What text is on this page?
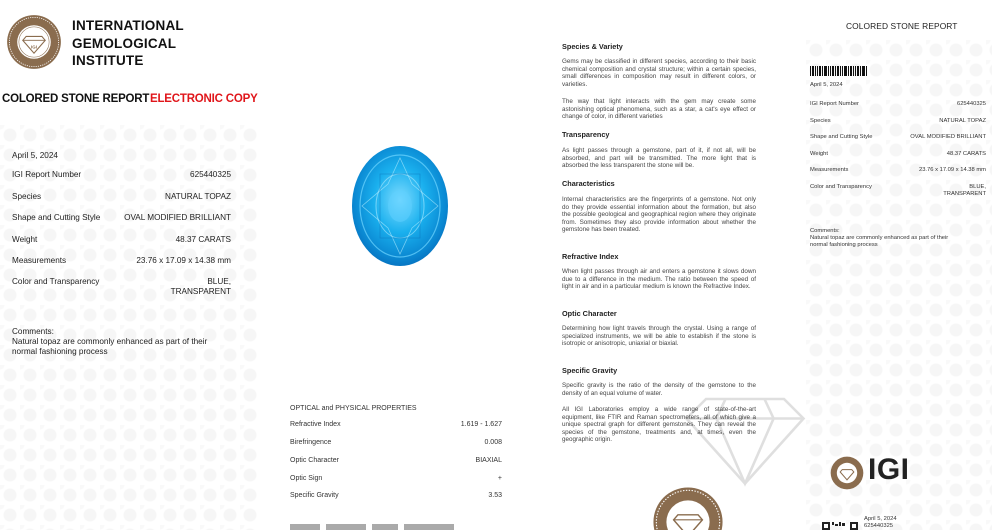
IGI
INTERNATIONAL
GEMOLOGICAL
INSTITUTE
COLORED STONE REPORT ELECTRONIC COPY
April 5, 2024
IGI Report Number	625440325
Species	NATURAL TOPAZ
Shape and Cutting Style	OVAL MODIFIED BRILLIANT
Weight	48.37 CARATS
Measurements	23.76 x 17.09 x 14.38 mm
Color and Transparency	BLUE,
TRANSPARENT
Comments:
Natural topaz are commonly enhanced as part of their
normal fashioning process
OPTICAL and PHYSICAL PROPERTIES
Refractive Index	1.619 - 1.627
Birefringence	0.008
Optic Character	BIAXIAL
Optic Sign	+
Specific Gravity	3.53
Species & Variety
Gems may be classified in different species, according to their basic chemical composition and crystal structure; within a certain species, small differences in composition may result in different colors, or varieties.
The way that light interacts with the gem may create some astonishing optical phenomena, such as a star, a cat's eye effect or change of color, in different varieties
Transparency
As light passes through a gemstone, part of it, if not all, will be absorbed, and part will be transmitted. The more light that is absorbed the less transparent the stone will be.
Characteristics
Internal characteristics are the fingerprints of a gemstone. Not only do they provide essential information about the formation, but also the possible geological and geographical region where they originate from. Sometimes they also provide information about whether the gemstone has been treated.
Refractive Index
When light passes through air and enters a gemstone it slows down due to a difference in the medium. The ratio between the speed of light in air and in a particular medium is known the Refractive Index.
Optic Character
Determining how light travels through the crystal. Using a range of specialized instruments, we will be able to establish if the stone is isotropic or anisotropic, uniaxial or biaxial.
Specific Gravity
Specific gravity is the ratio of the density of the gemstone to the density of an equal volume of water.
All IGI Laboratories employ a wide range of state-of-the-art equipment, like FTIR and Raman spectrometers, all of which give a unique spectral graph for different gemstones. They can reveal the species of the gemstone, treatments and, at times, even the geographic origin.
COLORED STONE REPORT
April 5, 2024
IGI Report Number	625440325
Species	NATURAL TOPAZ
Shape and Cutting Style	OVAL MODIFIED BRILLIANT
Weight	48.37 CARATS
Measurements	23.76 x 17.09 x 14.38 mm
Color and Transparency	BLUE,
TRANSPARENT
Comments:
Natural topaz are commonly enhanced as part of their
normal fashioning process
IGI
April 5, 2024
625440325
